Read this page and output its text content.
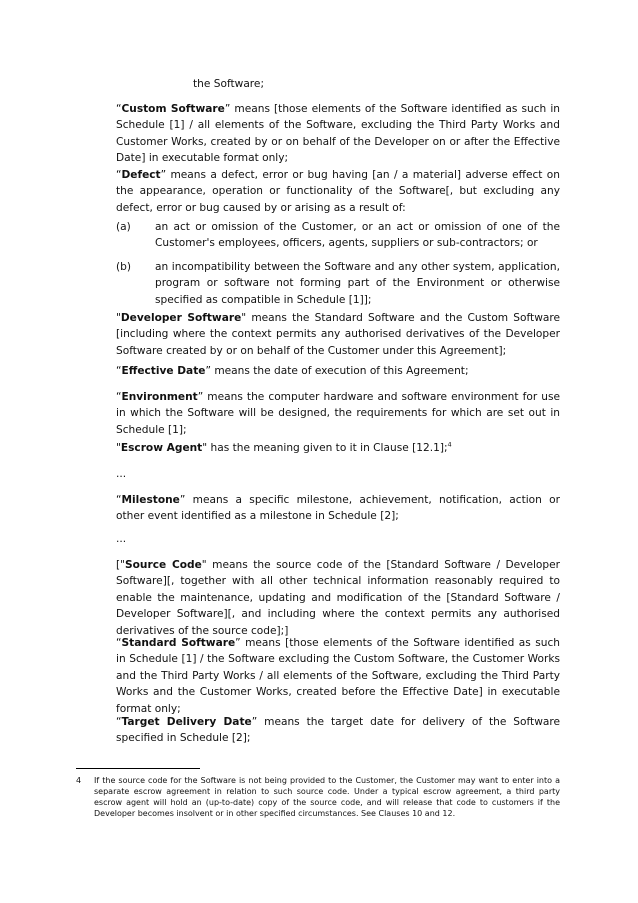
the Software;

“Custom Software” means [those elements of the Software identified as such in Schedule [1] / all elements of the Software, excluding the Third Party Works and Customer Works, created by or on behalf of the Developer on or after the Effective Date] in executable format only;

“Defect” means a defect, error or bug having [an / a material] adverse effect on the appearance, operation or functionality of the Software[, but excluding any defect, error or bug caused by or arising as a result of:

(a) an act or omission of the Customer, or an act or omission of one of the Customer's employees, officers, agents, suppliers or sub-contractors; or

(b) an incompatibility between the Software and any other system, application, program or software not forming part of the Environment or otherwise specified as compatible in Schedule [1]];

"Developer Software" means the Standard Software and the Custom Software [including where the context permits any authorised derivatives of the Developer Software created by or on behalf of the Customer under this Agreement];

“Effective Date” means the date of execution of this Agreement;

“Environment” means the computer hardware and software environment for use in which the Software will be designed, the requirements for which are set out in Schedule [1];

"Escrow Agent" has the meaning given to it in Clause [12.1];$^4$

...

“Milestone” means a specific milestone, achievement, notification, action or other event identified as a milestone in Schedule [2];

...

["Source Code" means the source code of the [Standard Software / Developer Software][, together with all other technical information reasonably required to enable the maintenance, updating and modification of the [Standard Software / Developer Software][, and including where the context permits any authorised derivatives of the source code];]

“Standard Software” means [those elements of the Software identified as such in Schedule [1] / the Software excluding the Custom Software, the Customer Works and the Third Party Works / all elements of the Software, excluding the Third Party Works and the Customer Works, created before the Effective Date] in executable format only;

“Target Delivery Date” means the target date for delivery of the Software specified in Schedule [2];

4 If the source code for the Software is not being provided to the Customer, the Customer may want to enter into a separate escrow agreement in relation to such source code. Under a typical escrow agreement, a third party escrow agent will hold an (up-to-date) copy of the source code, and will release that code to customers if the Developer becomes insolvent or in other specified circumstances. See Clauses 10 and 12.
